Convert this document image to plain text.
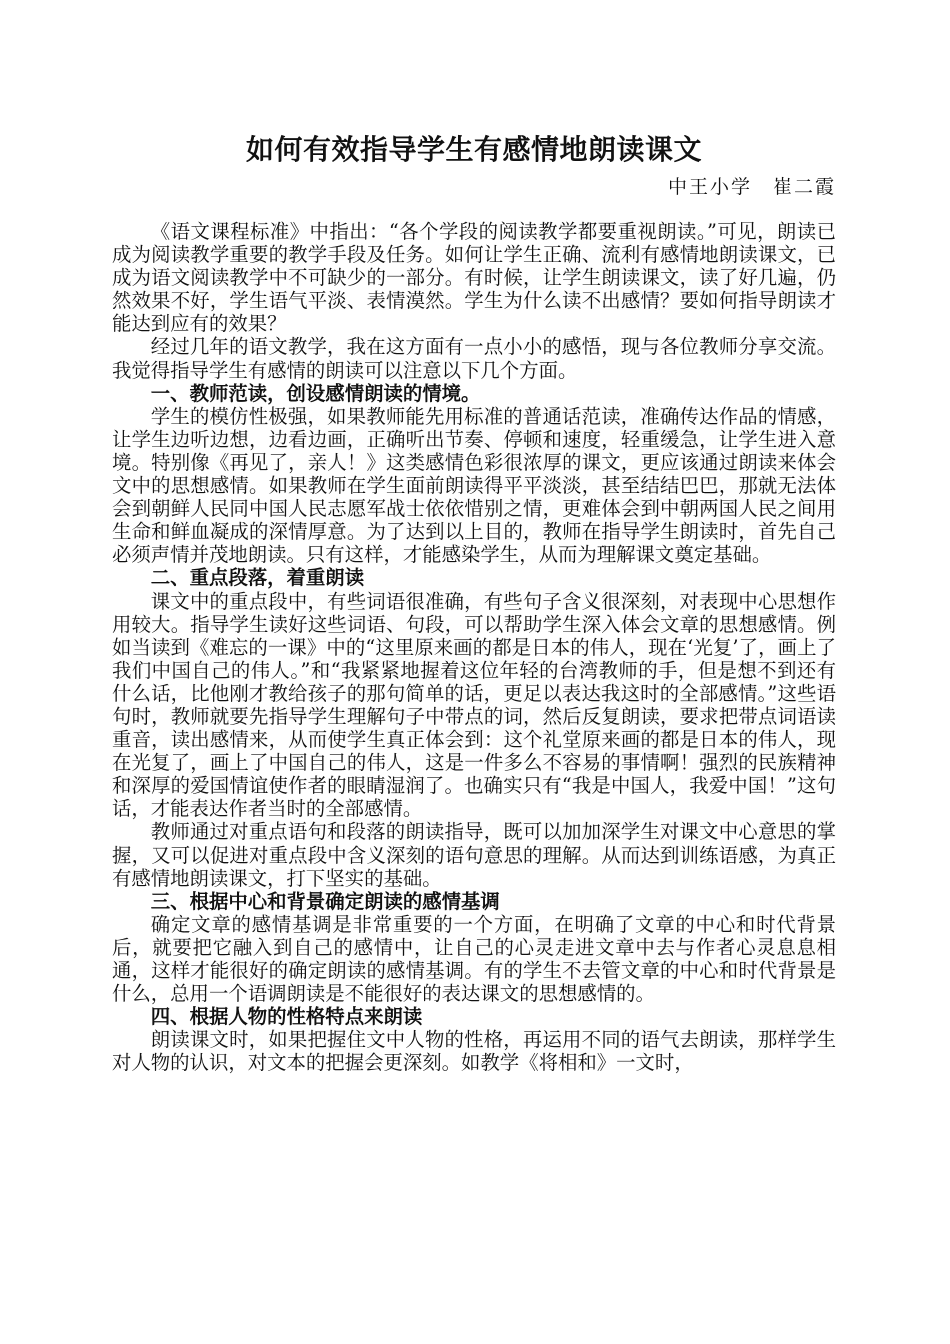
如何有效指导学生有感情地朗读课文

中王小学　崔二霞

《语文课程标准》中指出：“各个学段的阅读教学都要重视朗读。”可见，朗读已成为阅读教学重要的教学手段及任务。如何让学生正确、流利有感情地朗读课文，已成为语文阅读教学中不可缺少的一部分。有时候，让学生朗读课文，读了好几遍，仍然效果不好，学生语气平淡、表情漠然。学生为什么读不出感情？要如何指导朗读才能达到应有的效果？

经过几年的语文教学，我在这方面有一点小小的感悟，现与各位教师分享交流。我觉得指导学生有感情的朗读可以注意以下几个方面。

一、教师范读，创设感情朗读的情境。

学生的模仿性极强，如果教师能先用标准的普通话范读，准确传达作品的情感，让学生边听边想，边看边画，正确听出节奏、停顿和速度，轻重缓急，让学生进入意境。特别像《再见了，亲人！》这类感情色彩很浓厚的课文，更应该通过朗读来体会文中的思想感情。如果教师在学生面前朗读得平平淡淡，甚至结结巴巴，那就无法体会到朝鲜人民同中国人民志愿军战士依依惜别之情，更难体会到中朝两国人民之间用生命和鲜血凝成的深情厚意。为了达到以上目的，教师在指导学生朗读时，首先自己必须声情并茂地朗读。只有这样，才能感染学生，从而为理解课文奠定基础。

二、重点段落，着重朗读

课文中的重点段中，有些词语很准确，有些句子含义很深刻，对表现中心思想作用较大。指导学生读好这些词语、句段，可以帮助学生深入体会文章的思想感情。例如当读到《难忘的一课》中的“这里原来画的都是日本的伟人，现在‘光复’了，画上了我们中国自己的伟人。”和“我紧紧地握着这位年轻的台湾教师的手，但是想不到还有什么话，比他刚才教给孩子的那句简单的话，更足以表达我这时的全部感情。”这些语句时，教师就要先指导学生理解句子中带点的词，然后反复朗读，要求把带点词语读重音，读出感情来，从而使学生真正体会到：这个礼堂原来画的都是日本的伟人，现在光复了，画上了中国自己的伟人，这是一件多么不容易的事情啊！强烈的民族精神和深厚的爱国情谊使作者的眼睛湿润了。也确实只有“我是中国人，我爱中国！”这句话，才能表达作者当时的全部感情。

教师通过对重点语句和段落的朗读指导，既可以加加深学生对课文中心意思的掌握，又可以促进对重点段中含义深刻的语句意思的理解。从而达到训练语感，为真正有感情地朗读课文，打下坚实的基础。

三、根据中心和背景确定朗读的感情基调

确定文章的感情基调是非常重要的一个方面，在明确了文章的中心和时代背景后，就要把它融入到自己的感情中，让自己的心灵走进文章中去与作者心灵息息相通，这样才能很好的确定朗读的感情基调。有的学生不去管文章的中心和时代背景是什么，总用一个语调朗读是不能很好的表达课文的思想感情的。

四、根据人物的性格特点来朗读

朗读课文时，如果把握住文中人物的性格，再运用不同的语气去朗读，那样学生对人物的认识，对文本的把握会更深刻。如教学《将相和》一文时，
